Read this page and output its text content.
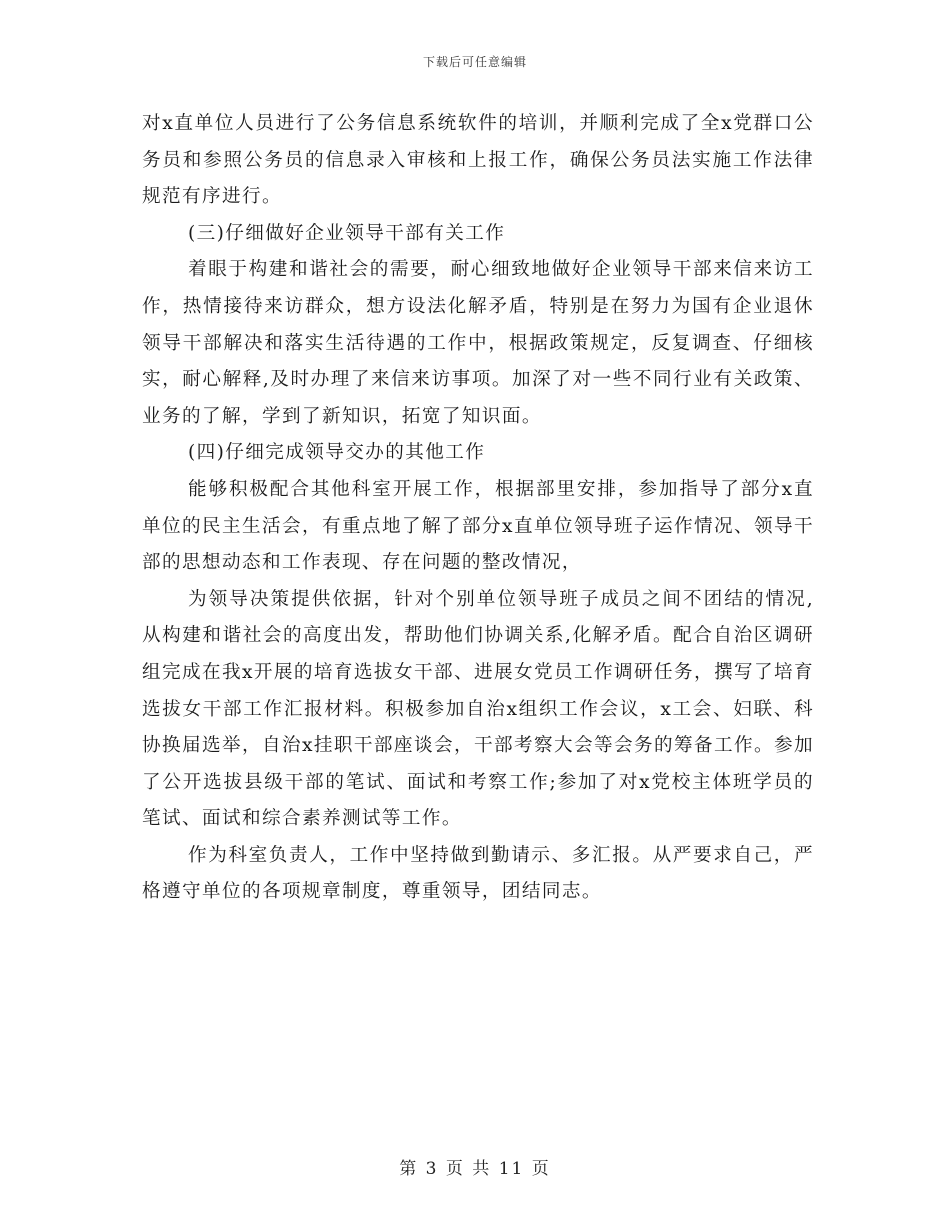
下载后可任意编辑

对x直单位人员进行了公务信息系统软件的培训，并顺利完成了全x党群口公务员和参照公务员的信息录入审核和上报工作，确保公务员法实施工作法律规范有序进行。

(三)仔细做好企业领导干部有关工作

着眼于构建和谐社会的需要，耐心细致地做好企业领导干部来信来访工作，热情接待来访群众，想方设法化解矛盾，特别是在努力为国有企业退休领导干部解决和落实生活待遇的工作中，根据政策规定，反复调查、仔细核实，耐心解释,及时办理了来信来访事项。加深了对一些不同行业有关政策、业务的了解，学到了新知识，拓宽了知识面。

(四)仔细完成领导交办的其他工作

能够积极配合其他科室开展工作，根据部里安排，参加指导了部分x直单位的民主生活会，有重点地了解了部分x直单位领导班子运作情况、领导干部的思想动态和工作表现、存在问题的整改情况，

为领导决策提供依据，针对个别单位领导班子成员之间不团结的情况,从构建和谐社会的高度出发，帮助他们协调关系,化解矛盾。配合自治区调研组完成在我x开展的培育选拔女干部、进展女党员工作调研任务，撰写了培育选拔女干部工作汇报材料。积极参加自治x组织工作会议，x工会、妇联、科协换届选举，自治x挂职干部座谈会，干部考察大会等会务的筹备工作。参加了公开选拔县级干部的笔试、面试和考察工作;参加了对x党校主体班学员的笔试、面试和综合素养测试等工作。

作为科室负责人，工作中坚持做到勤请示、多汇报。从严要求自己，严格遵守单位的各项规章制度，尊重领导，团结同志。

第 3 页 共 11 页
